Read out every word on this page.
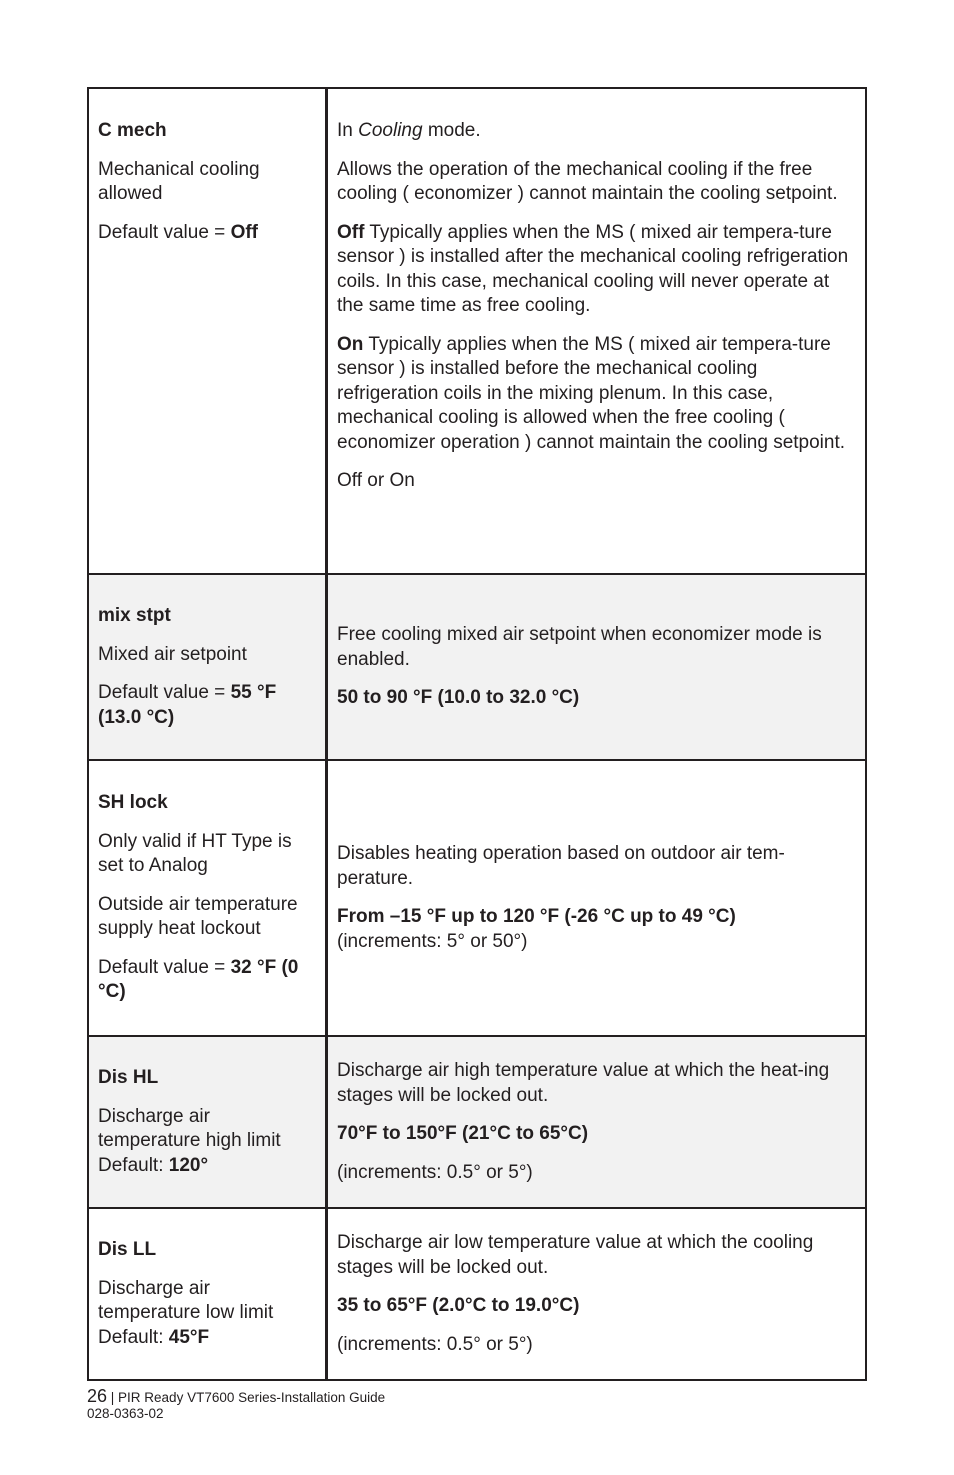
C mech

Mechanical cooling allowed

Default value = Off

In Cooling mode.

Allows the operation of the mechanical cooling if the free cooling ( economizer ) cannot maintain the cooling setpoint.

Off Typically applies when the MS ( mixed air tempera-ture sensor ) is installed after the mechanical cooling refrigeration coils. In this case, mechanical cooling will never operate at the same time as free cooling.

On Typically applies when the MS ( mixed air tempera-ture sensor ) is installed before the mechanical cooling refrigeration coils in the mixing plenum. In this case, mechanical cooling is allowed when the free cooling ( economizer operation ) cannot maintain the cooling setpoint.

Off or On

mix stpt

Mixed air setpoint

Default value = 55 °F (13.0 °C)

Free cooling mixed air setpoint when economizer mode is enabled.

50 to 90 °F (10.0 to 32.0 °C)

SH lock

Only valid if HT Type is set to Analog

Outside air temperature supply heat lockout

Default value = 32 °F (0 °C)

Disables heating operation based on outdoor air tem-perature.

From –15 °F up to 120 °F (-26 °C up to 49 °C)
(increments: 5° or 50°)

Dis HL

Discharge air temperature high limit
Default: 120°

Discharge air high temperature value at which the heat-ing stages will be locked out.

70°F to 150°F (21°C to 65°C)

(increments: 0.5° or 5°)

Dis LL

Discharge air temperature low limit
Default: 45°F

Discharge air low temperature value at which the cooling stages will be locked out.

35 to 65°F (2.0°C to 19.0°C)

(increments: 0.5° or 5°)

26 | PIR Ready VT7600 Series-Installation Guide
028-0363-02
